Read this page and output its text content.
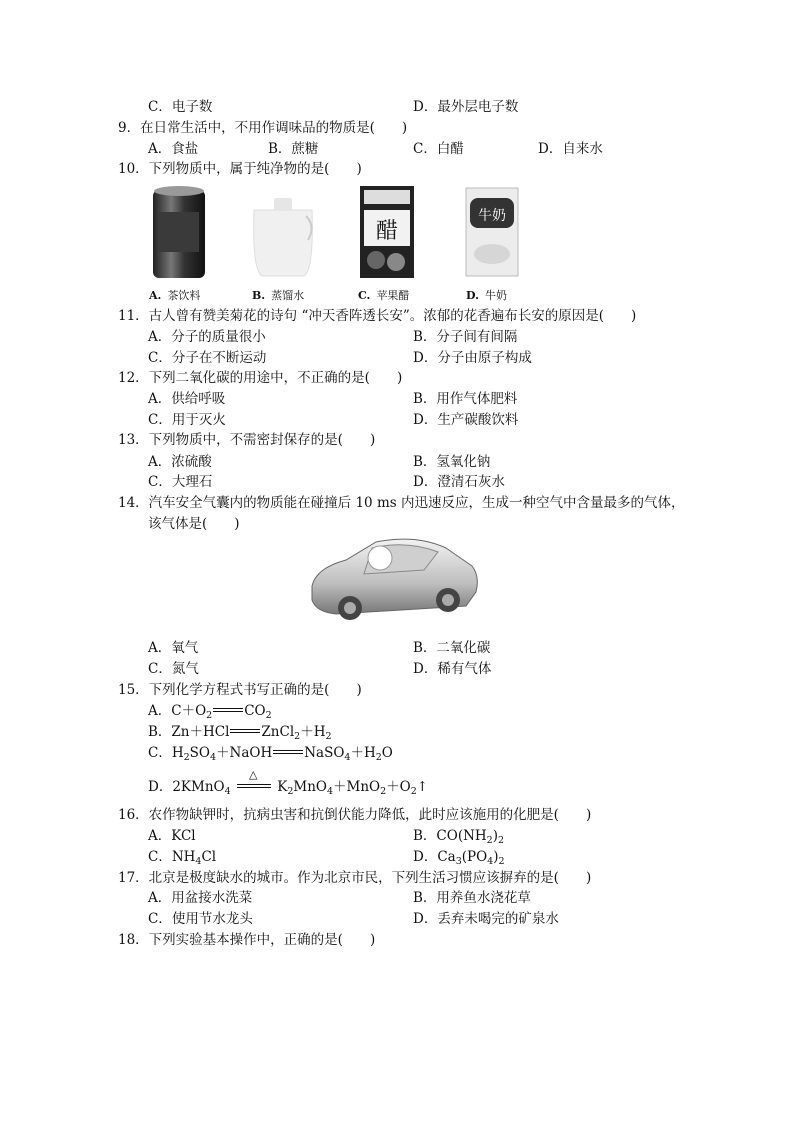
C．电子数	D．最外层电子数
9．在日常生活中，不用作调味品的物质是(　　)
A．食盐	B．蔗糖	C．白醋	D．自来水
10．下列物质中，属于纯净物的是(　　)
醋
牛奶
A. 茶饮料	B. 蒸馏水	C. 苹果醋	D. 牛奶
11．古人曾有赞美菊花的诗句 “冲天香阵透长安”。浓郁的花香遍布长安的原因是(　　)
A．分子的质量很小	B．分子间有间隔
C．分子在不断运动	D．分子由原子构成
12．下列二氧化碳的用途中，不正确的是(　　)
A．供给呼吸	B．用作气体肥料
C．用于灭火	D．生产碳酸饮料
13．下列物质中，不需密封保存的是(　　)
A．浓硫酸	B．氢氧化钠
C．大理石	D．澄清石灰水
14．汽车安全气囊内的物质能在碰撞后 10 ms 内迅速反应，生成一种空气中含量最多的气体，
该气体是(　　)
A．氧气	B．二氧化碳
C．氮气	D．稀有气体
15．下列化学方程式书写正确的是(　　)
A．$C+O_2$ $CO_2$
B．Zn＋HCl $ZnCl_2+H_2$
C．$H_2SO_4+NaOH$ $NaSO_4+H_2O$
D．2KMnO$_4$
△
$K_2MnO_4+MnO_2+O_2↑$
16．农作物缺钾时，抗病虫害和抗倒伏能力降低，此时应该施用的化肥是(　　)
A．KCl	B．$CO(NH_2)_2$
C．$NH_4Cl$	D．$Ca_3(PO_4)_2$
17．北京是极度缺水的城市。作为北京市民，下列生活习惯应该摒弃的是(　　)
A．用盆接水洗菜	B．用养鱼水浇花草
C．使用节水龙头	D．丢弃未喝完的矿泉水
18．下列实验基本操作中，正确的是(　　)
